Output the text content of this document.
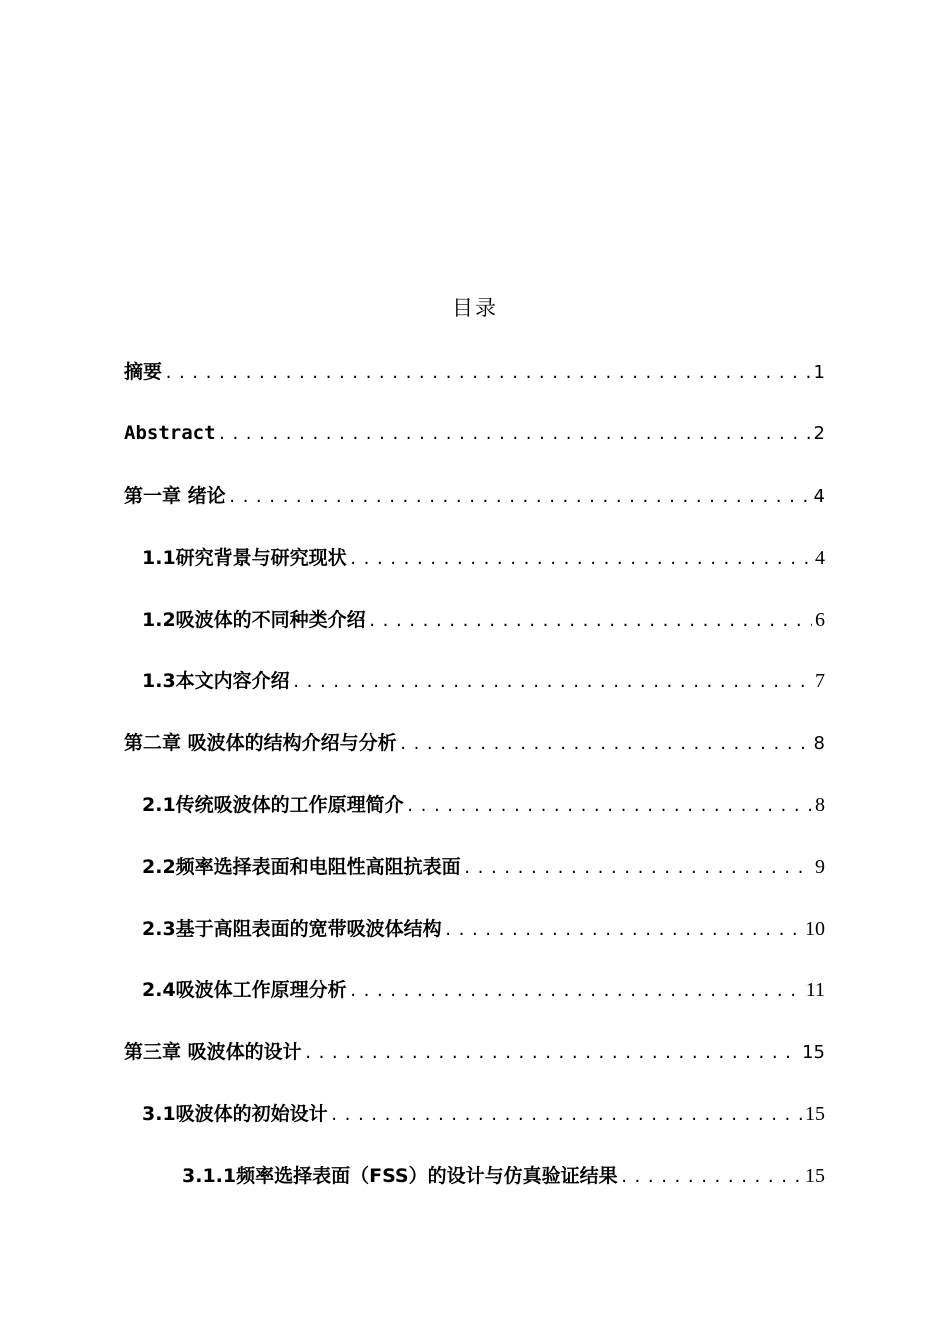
目录
摘要 .....	1
Abstract .....	2
第一章 绪论 .....	4
1.1研究背景与研究现状 .....	4
1.2吸波体的不同种类介绍 .....	6
1.3本文内容介绍 .....	7
第二章 吸波体的结构介绍与分析 .....	8
2.1传统吸波体的工作原理简介 .....	8
2.2频率选择表面和电阻性高阻抗表面 .....	9
2.3基于高阻表面的宽带吸波体结构 .....	10
2.4吸波体工作原理分析 .....	11
第三章 吸波体的设计 .....	15
3.1吸波体的初始设计 .....	15
3.1.1频率选择表面（FSS）的设计与仿真验证结果 .....	15
